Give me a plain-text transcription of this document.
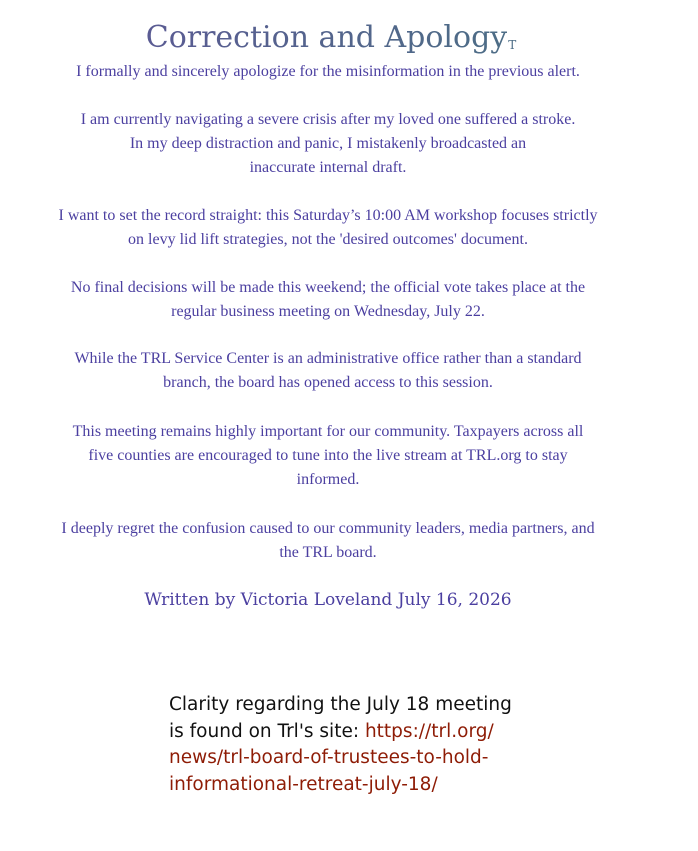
Correction and ApologyT

I formally and sincerely apologize for the misinformation in the previous alert.

I am currently navigating a severe crisis after my loved one suffered a stroke.
In my deep distraction and panic, I mistakenly broadcasted an
inaccurate internal draft.

I want to set the record straight: this Saturday’s 10:00 AM workshop focuses strictly
on levy lid lift strategies, not the 'desired outcomes' document.

No final decisions will be made this weekend; the official vote takes place at the
regular business meeting on Wednesday, July 22.

While the TRL Service Center is an administrative office rather than a standard
branch, the board has opened access to this session.

This meeting remains highly important for our community. Taxpayers across all
five counties are encouraged to tune into the live stream at TRL.org to stay
informed.

I deeply regret the confusion caused to our community leaders, media partners, and
the TRL board.

Written by Victoria Loveland July 16, 2026
Clarity regarding the July 18 meeting
is found on Trl's site: https://trl.org/
news/trl-board-of-trustees-to-hold-
informational-retreat-july-18/
